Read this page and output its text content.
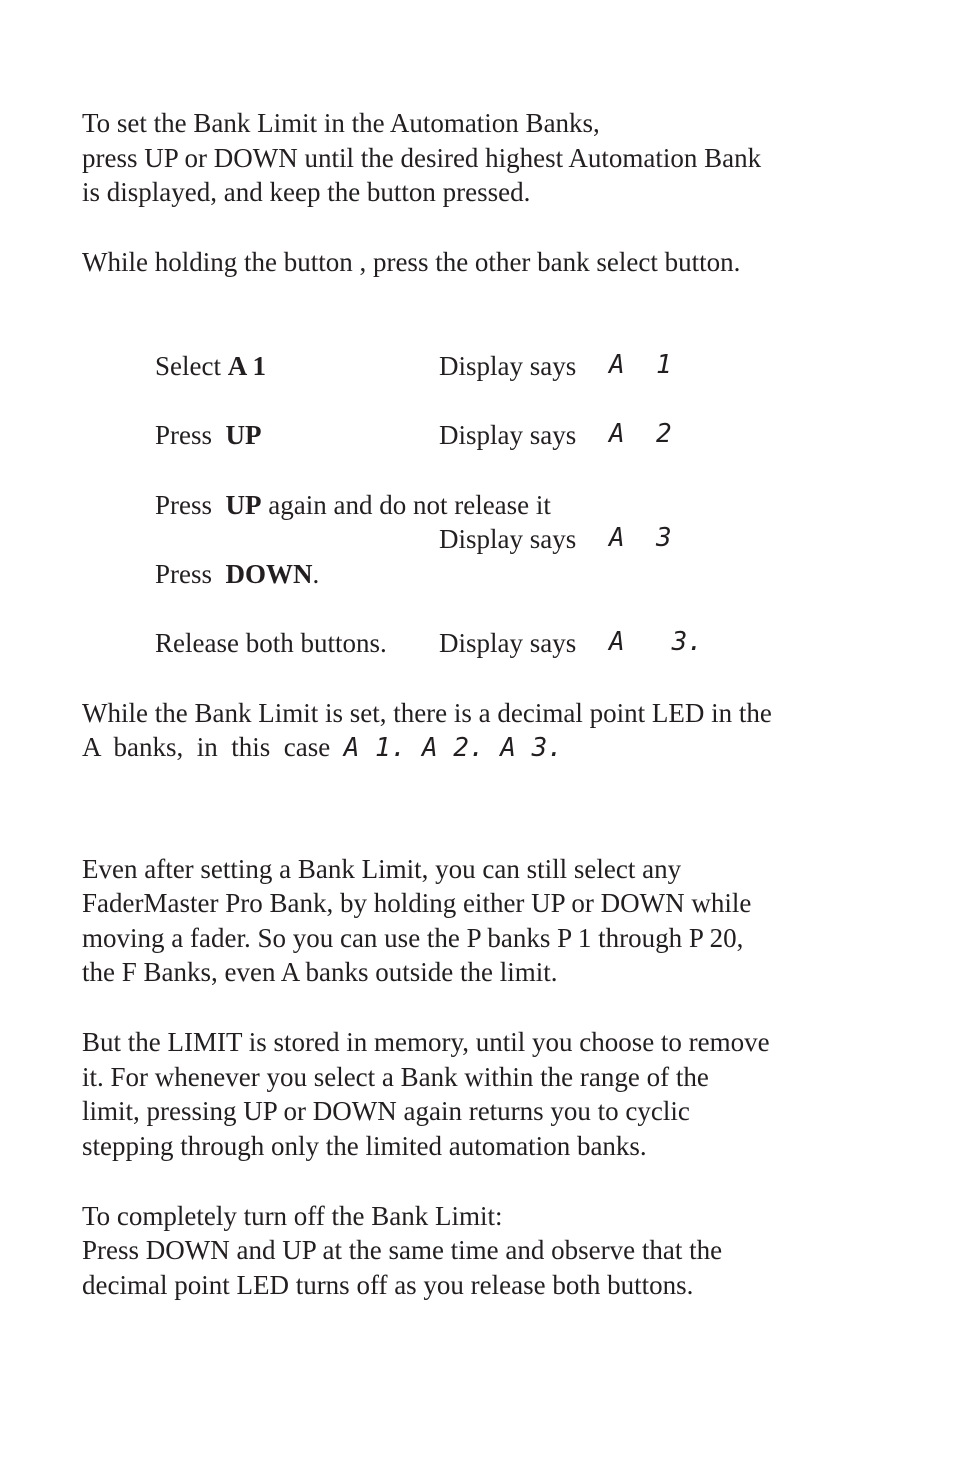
To set the Bank Limit in the Automation Banks,
press UP or DOWN until the desired highest Automation Bank
is displayed, and keep the button pressed.
While holding the button , press the other bank select button.
Select A 1	Display says A  1
Press  UP	Display says A  2
Press  UP again and do not release it
Display says A  3
Press  DOWN.
Release both buttons. Display says A   3.
While the Bank Limit is set, there is a decimal point LED in the
A  banks,  in  this  case A 1. A 2. A 3.
Even after setting a Bank Limit, you can still select any
FaderMaster Pro Bank, by holding either UP or DOWN while
moving a fader. So you can use the P banks P 1 through P 20,
the F Banks, even A banks outside the limit.
But the LIMIT is stored in memory, until you choose to remove
it. For whenever you select a Bank within the range of the
limit, pressing UP or DOWN again returns you to cyclic
stepping through only the limited automation banks.
To completely turn off the Bank Limit:
Press DOWN and UP at the same time and observe that the
decimal point LED turns off as you release both buttons.
